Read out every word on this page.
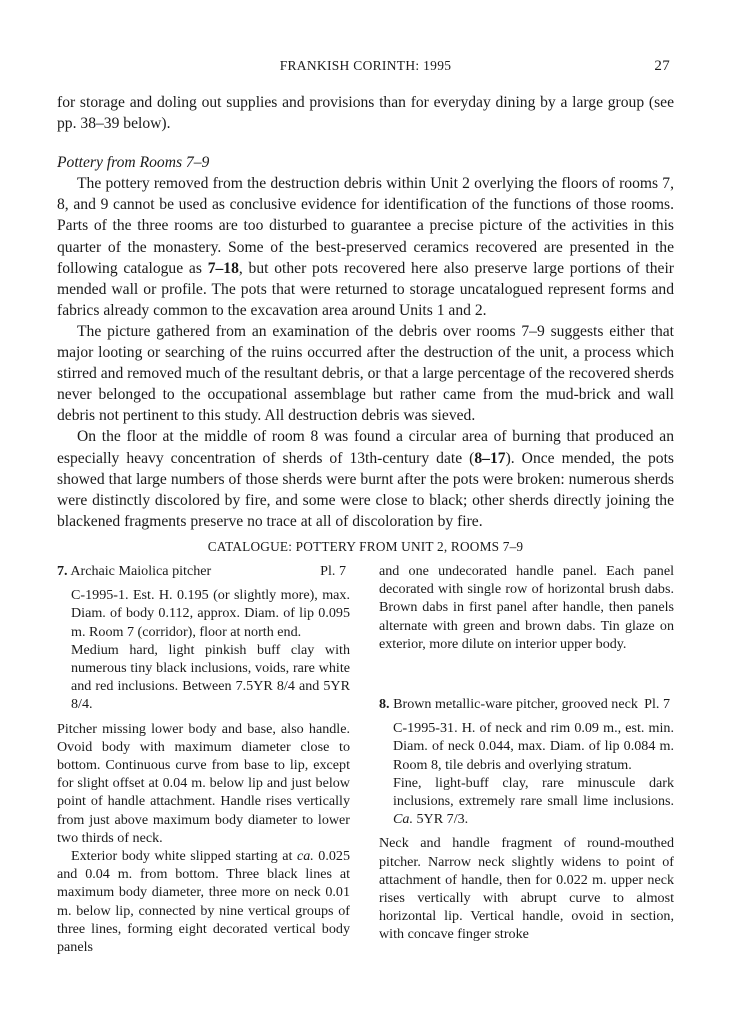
FRANKISH CORINTH: 1995	27

for storage and doling out supplies and provisions than for everyday dining by a large group (see pp. 38–39 below).

Pottery from Rooms 7–9

The pottery removed from the destruction debris within Unit 2 overlying the floors of rooms 7, 8, and 9 cannot be used as conclusive evidence for identification of the functions of those rooms. Parts of the three rooms are too disturbed to guarantee a precise picture of the activities in this quarter of the monastery. Some of the best-preserved ceramics recovered are presented in the following catalogue as 7–18, but other pots recovered here also preserve large portions of their mended wall or profile. The pots that were returned to storage uncatalogued represent forms and fabrics already common to the excavation area around Units 1 and 2.

The picture gathered from an examination of the debris over rooms 7–9 suggests either that major looting or searching of the ruins occurred after the destruction of the unit, a process which stirred and removed much of the resultant debris, or that a large percentage of the recovered sherds never belonged to the occupational assemblage but rather came from the mud-brick and wall debris not pertinent to this study. All destruction debris was sieved.

On the floor at the middle of room 8 was found a circular area of burning that produced an especially heavy concentration of sherds of 13th-century date (8–17). Once mended, the pots showed that large numbers of those sherds were burnt after the pots were broken: numerous sherds were distinctly discolored by fire, and some were close to black; other sherds directly joining the blackened fragments preserve no trace at all of discoloration by fire.

CATALOGUE: POTTERY FROM UNIT 2, ROOMS 7–9

7. Archaic Maiolica pitcher	Pl. 7

C-1995-1. Est. H. 0.195 (or slightly more), max. Diam. of body 0.112, approx. Diam. of lip 0.095 m. Room 7 (corridor), floor at north end.

Medium hard, light pinkish buff clay with numerous tiny black inclusions, voids, rare white and red inclusions. Between 7.5YR 8/4 and 5YR 8/4.

Pitcher missing lower body and base, also handle. Ovoid body with maximum diameter close to bottom. Continuous curve from base to lip, except for slight offset at 0.04 m. below lip and just below point of handle attachment. Handle rises vertically from just above maximum body diameter to lower two thirds of neck.

Exterior body white slipped starting at ca. 0.025 and 0.04 m. from bottom. Three black lines at maximum body diameter, three more on neck 0.01 m. below lip, connected by nine vertical groups of three lines, forming eight decorated vertical body panels

and one undecorated handle panel. Each panel decorated with single row of horizontal brush dabs. Brown dabs in first panel after handle, then panels alternate with green and brown dabs. Tin glaze on exterior, more dilute on interior upper body.

8. Brown metallic-ware pitcher, grooved neck Pl. 7

C-1995-31. H. of neck and rim 0.09 m., est. min. Diam. of neck 0.044, max. Diam. of lip 0.084 m. Room 8, tile debris and overlying stratum.

Fine, light-buff clay, rare minuscule dark inclusions, extremely rare small lime inclusions. Ca. 5YR 7/3.

Neck and handle fragment of round-mouthed pitcher. Narrow neck slightly widens to point of attachment of handle, then for 0.022 m. upper neck rises vertically with abrupt curve to almost horizontal lip. Vertical handle, ovoid in section, with concave finger stroke
